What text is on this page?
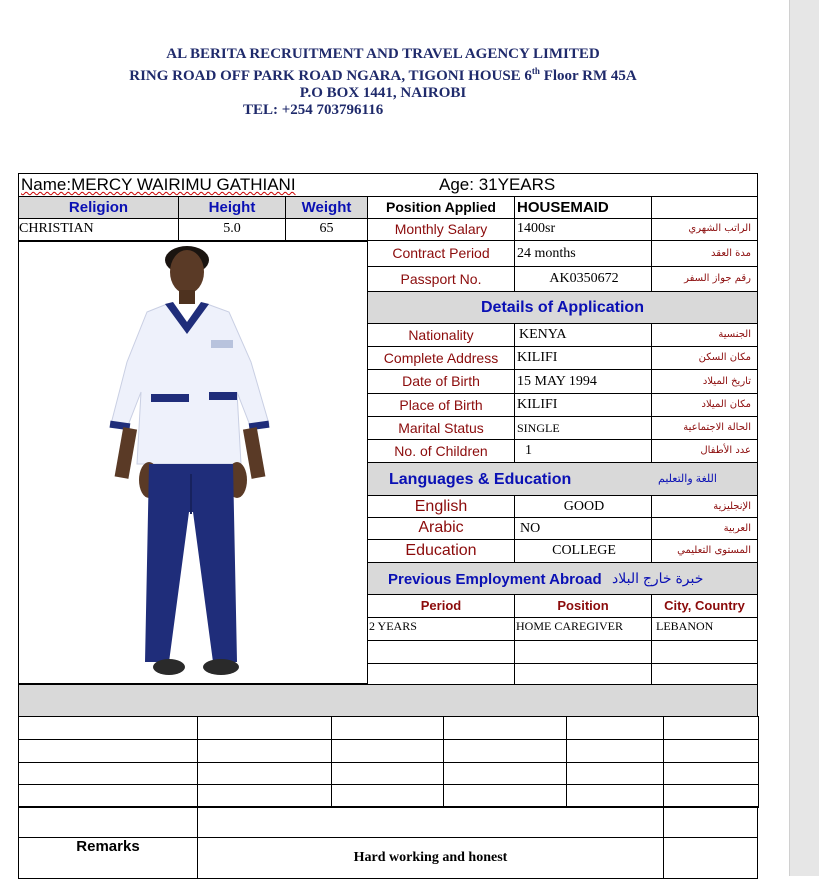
AL BERITA RECRUITMENT AND TRAVEL AGENCY LIMITED
RING ROAD OFF PARK ROAD NGARA, TIGONI HOUSE 6th Floor RM 45A
P.O BOX 1441, NAIROBI
TEL: +254 703796116
Name:MERCY WAIRIMU GATHIANI	Age: 31YEARS
Religion	Height	Weight	Position Applied	HOUSEMAID
CHRISTIAN	5.0	65	Monthly Salary	1400sr	الراتب الشهري
Contract Period	24 months	مدة العقد
Passport No.	AK0350672	رقم جواز السفر
Details of Application
Nationality	KENYA	الجنسية
Complete Address	KILIFI	مكان السكن
Date of Birth	15 MAY 1994	تاريخ الميلاد
Place of Birth	KILIFI	مكان الميلاد
Marital Status	SINGLE	الحالة الاجتماعية
No. of Children	1	عدد الأطفال
Languages & Education	اللغة والتعليم
English	GOOD	الإنجليزية
Arabic	NO	العربية
Education	COLLEGE	المستوى التعليمي
Previous Employment Abroad خبرة خارج البلاد
Period	Position	City, Country
2 YEARS	HOME CAREGIVER	LEBANON
Remarks
Hard working and honest
